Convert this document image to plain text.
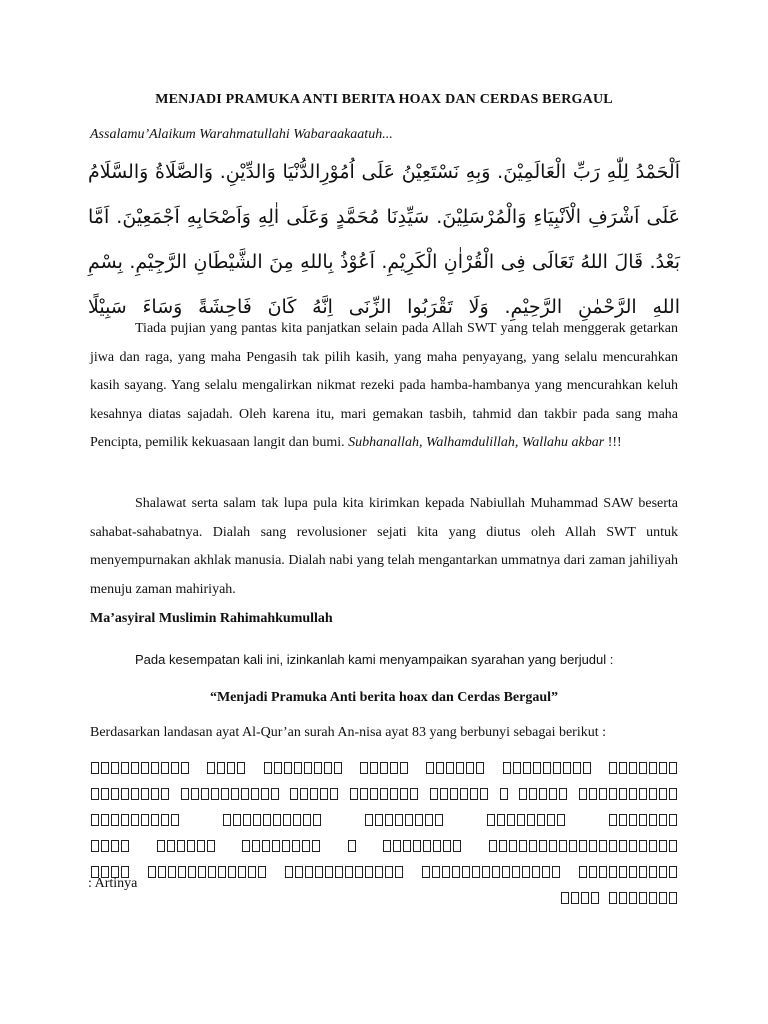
MENJADI PRAMUKA ANTI BERITA HOAX DAN CERDAS BERGAUL
Assalamu’Alaikum Warahmatullahi Wabaraakaatuh...
اَلْحَمْدُ لِلّٰهِ رَبِّ الْعَالَمِيْنَ. وَبِهِ نَسْتَعِيْنُ عَلَى اُمُوْرِالدُّنْيَا وَالدِّيْنِ. وَالصَّلَاةُ وَالسَّلَامُ عَلَى اَشْرَفِ الْاَنْبِيَاءِ وَالْمُرْسَلِيْنَ. سَيِّدِنَا مُحَمَّدٍ وَعَلَى اٰلِهِ وَاَصْحَابِهِ اَجْمَعِيْنَ. اَمَّا بَعْدُ. قَالَ اللهُ تَعَالَى فِى الْقُرْاٰنِ الْكَرِيْمِ. اَعُوْذُ بِاللهِ مِنَ الشَّيْطَانِ الرَّجِيْمِ. بِسْمِ اللهِ الرَّحْمٰنِ الرَّحِيْمِ. وَلَا تَقْرَبُوا الزِّنَى اِنَّهُ كَانَ فَاحِشَةً وَسَاءَ سَبِيْلًا
Tiada pujian yang pantas kita panjatkan selain pada Allah SWT yang telah menggerak getarkan jiwa dan raga, yang maha Pengasih tak pilih kasih, yang maha penyayang, yang selalu mencurahkan kasih sayang. Yang selalu mengalirkan nikmat rezeki pada hamba-hambanya yang mencurahkan keluh kesahnya diatas sajadah. Oleh karena itu, mari gemakan tasbih, tahmid dan takbir pada sang maha Pencipta, pemilik kekuasaan langit dan bumi. Subhanallah, Walhamdulillah, Wallahu akbar !!!
Shalawat serta salam tak lupa pula kita kirimkan kepada Nabiullah Muhammad SAW beserta sahabat-sahabatnya. Dialah sang revolusioner sejati kita yang diutus oleh Allah SWT untuk menyempurnakan akhlak manusia. Dialah nabi yang telah mengantarkan ummatnya dari zaman jahiliyah menuju zaman mahiriyah.
Ma’asyiral Muslimin Rahimahkumullah
Pada kesempatan kali ini, izinkanlah kami menyampaikan syarahan yang berjudul :
“Menjadi Pramuka Anti berita hoax dan Cerdas Bergaul”
Berdasarkan landasan ayat Al-Qur’an surah An-nisa ayat 83 yang berbunyi sebagai berikut :

: Artinya
